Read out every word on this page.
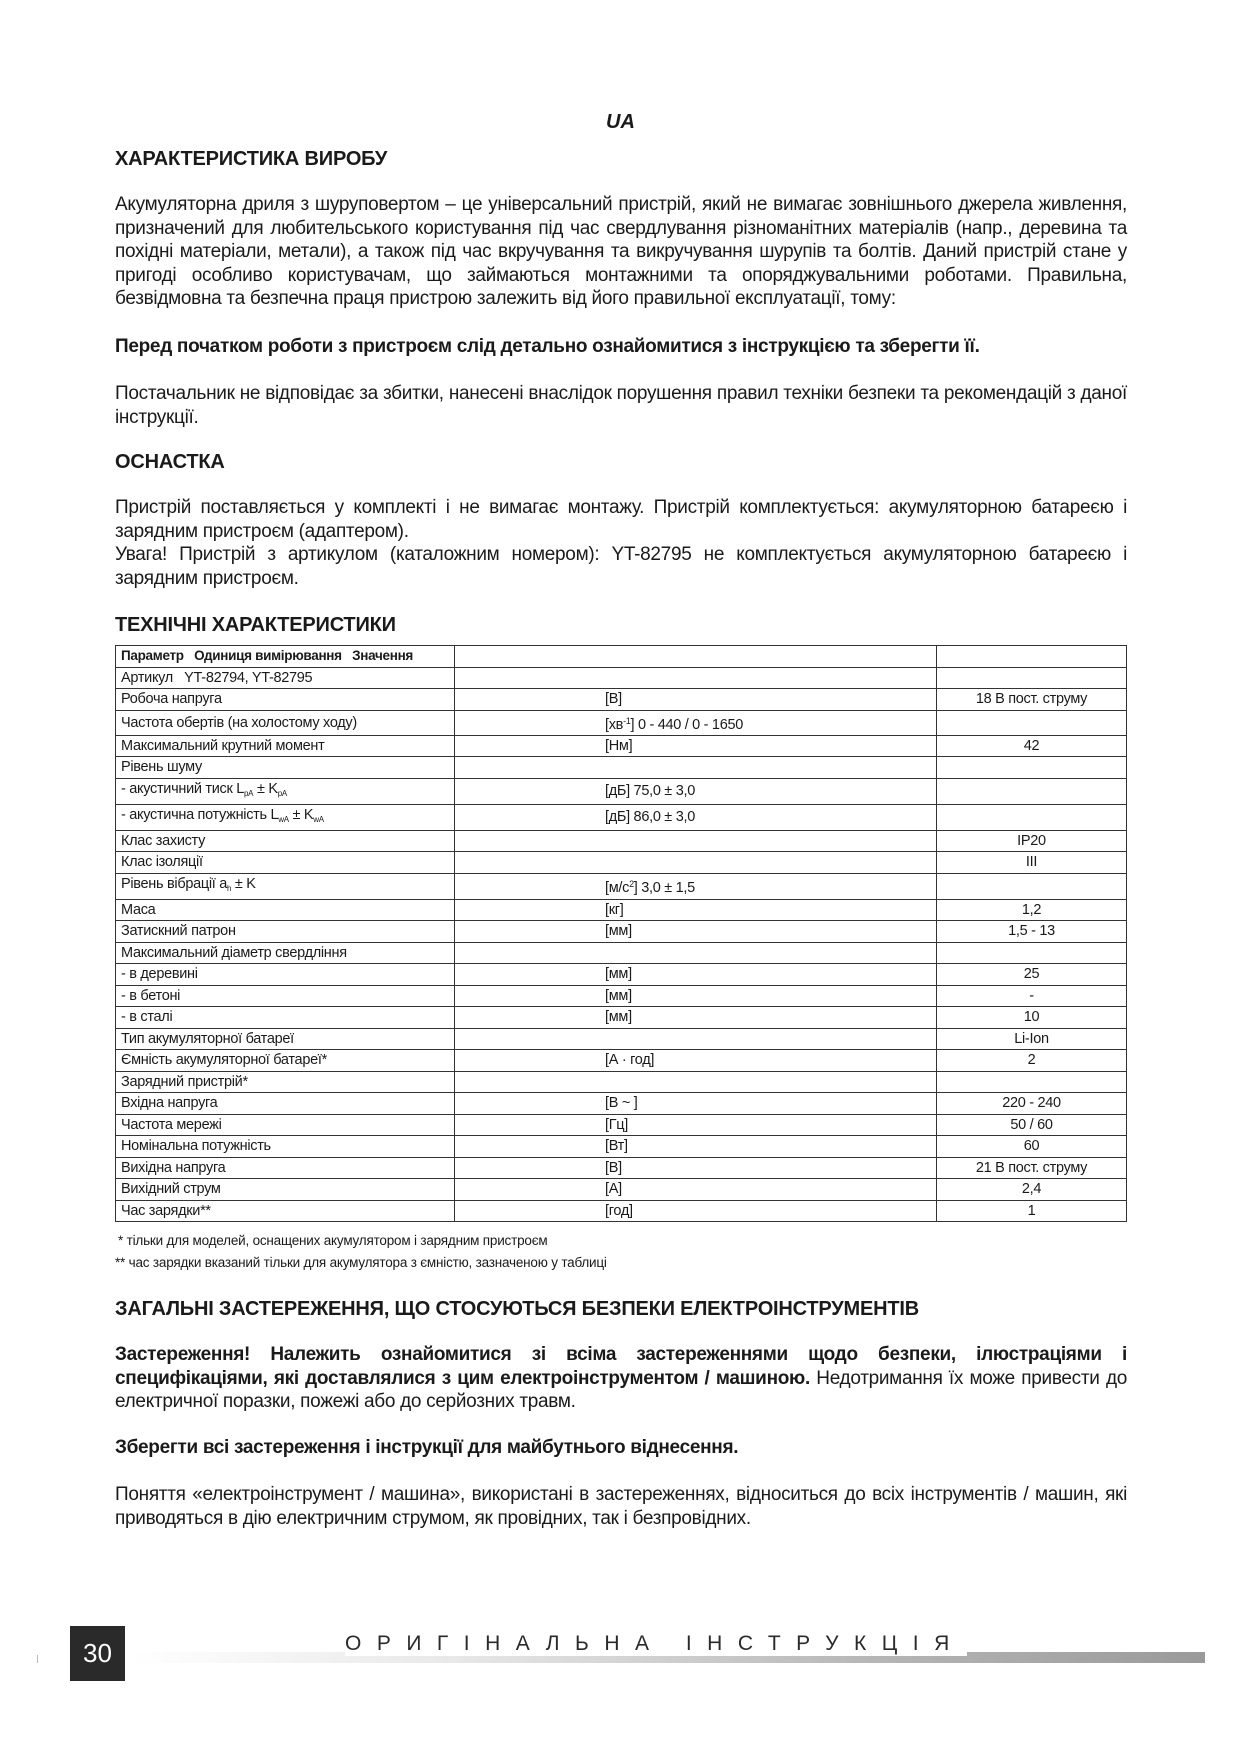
UA
ХАРАКТЕРИСТИКА ВИРОБУ

Акумуляторна дриля з шуруповертом – це універсальний пристрій, який не вимагає зовнішнього джерела живлення, призначений для любительського користування під час свердлування різноманітних матеріалів (напр., деревина та похідні матеріали, метали), а також під час вкручування та викручування шурупів та болтів. Даний пристрій стане у пригоді особливо користувачам, що займаються монтажними та опоряджувальними роботами. Правильна, безвідмовна та безпечна праця пристрою залежить від його правильної експлуатації, тому:

Перед початком роботи з пристроєм слід детально ознайомитися з інструкцією та зберегти її.

Постачальник не відповідає за збитки, нанесені внаслідок порушення правил техніки безпеки та рекомендацій з даної інструкції.

ОСНАСТКА

Пристрій поставляється у комплекті і не вимагає монтажу. Пристрій комплектується: акумуляторною батареєю і зарядним пристроєм (адаптером).

Увага! Пристрій з артикулом (каталожним номером): YT-82795 не комплектується акумуляторною батареєю і зарядним пристроєм.

ТЕХНІЧНІ ХАРАКТЕРИСТИКИ
Параметр   Одиниця вимірювання   Значення		
Артикул YT-82794, YT-82795		
Робоча напруга	[В]	18 В пост. струму
Частота обертів (на холостому ходу)	$[хв^{-1}]$ 0 - 440 / 0 - 1650	
Максимальний крутний момент	[Нм]	42
Рівень шуму		
- акустичний тиск $L_{pA} \pm K_{pA}$	[дБ] 75,0 ± 3,0	
- акустична потужність $L_{wA} \pm K_{wA}$	[дБ] 86,0 ± 3,0	
Клас захисту		IP20
Клас ізоляції		III
Рівень вібрації $a_h \pm K$	$[м/с^2] 3,0 \pm 1,5$	
Маса	[кг]	1,2
Затискний патрон	[мм]	1,5 - 13
Максимальний діаметр свердління		
- в деревині	[мм]	25
- в бетоні	[мм]	-
- в сталі	[мм]	10
Тип акумуляторної батареї		Li-Ion
Ємність акумуляторної батареї*	[А · год]	2
Зарядний пристрій*		
Вхідна напруга	[В ~ ]	220 - 240
Частота мережі	[Гц]	50 / 60
Номінальна потужність	[Вт]	60
Вихідна напруга	[В]	21 В пост. струму
Вихідний струм	[А]	2,4
Час зарядки**	[год]	1
* тільки для моделей, оснащених акумулятором і зарядним пристроєм
** час зарядки вказаний тільки для акумулятора з ємністю, зазначеною у таблиці
ЗАГАЛЬНІ ЗАСТЕРЕЖЕННЯ, ЩО СТОСУЮТЬСЯ БЕЗПЕКИ ЕЛЕКТРОІНСТРУМЕНТІВ

Застереження! Належить ознайомитися зі всіма застереженнями щодо безпеки, ілюстраціями і специфікаціями, які доставлялися з цим електроінструментом / машиною. Недотримання їх може привести до електричної поразки, пожежі або до серйозних травм.

Зберегти всі застереження і інструкції для майбутнього віднесення.

Поняття «електроінструмент / машина», використані в застереженнях, відноситься до всіх інструментів / машин, які приводяться в дію електричним струмом, як провідних, так і безпровідних.

30	ОРИГІНАЛЬНА ІНСТРУКЦІЯ
